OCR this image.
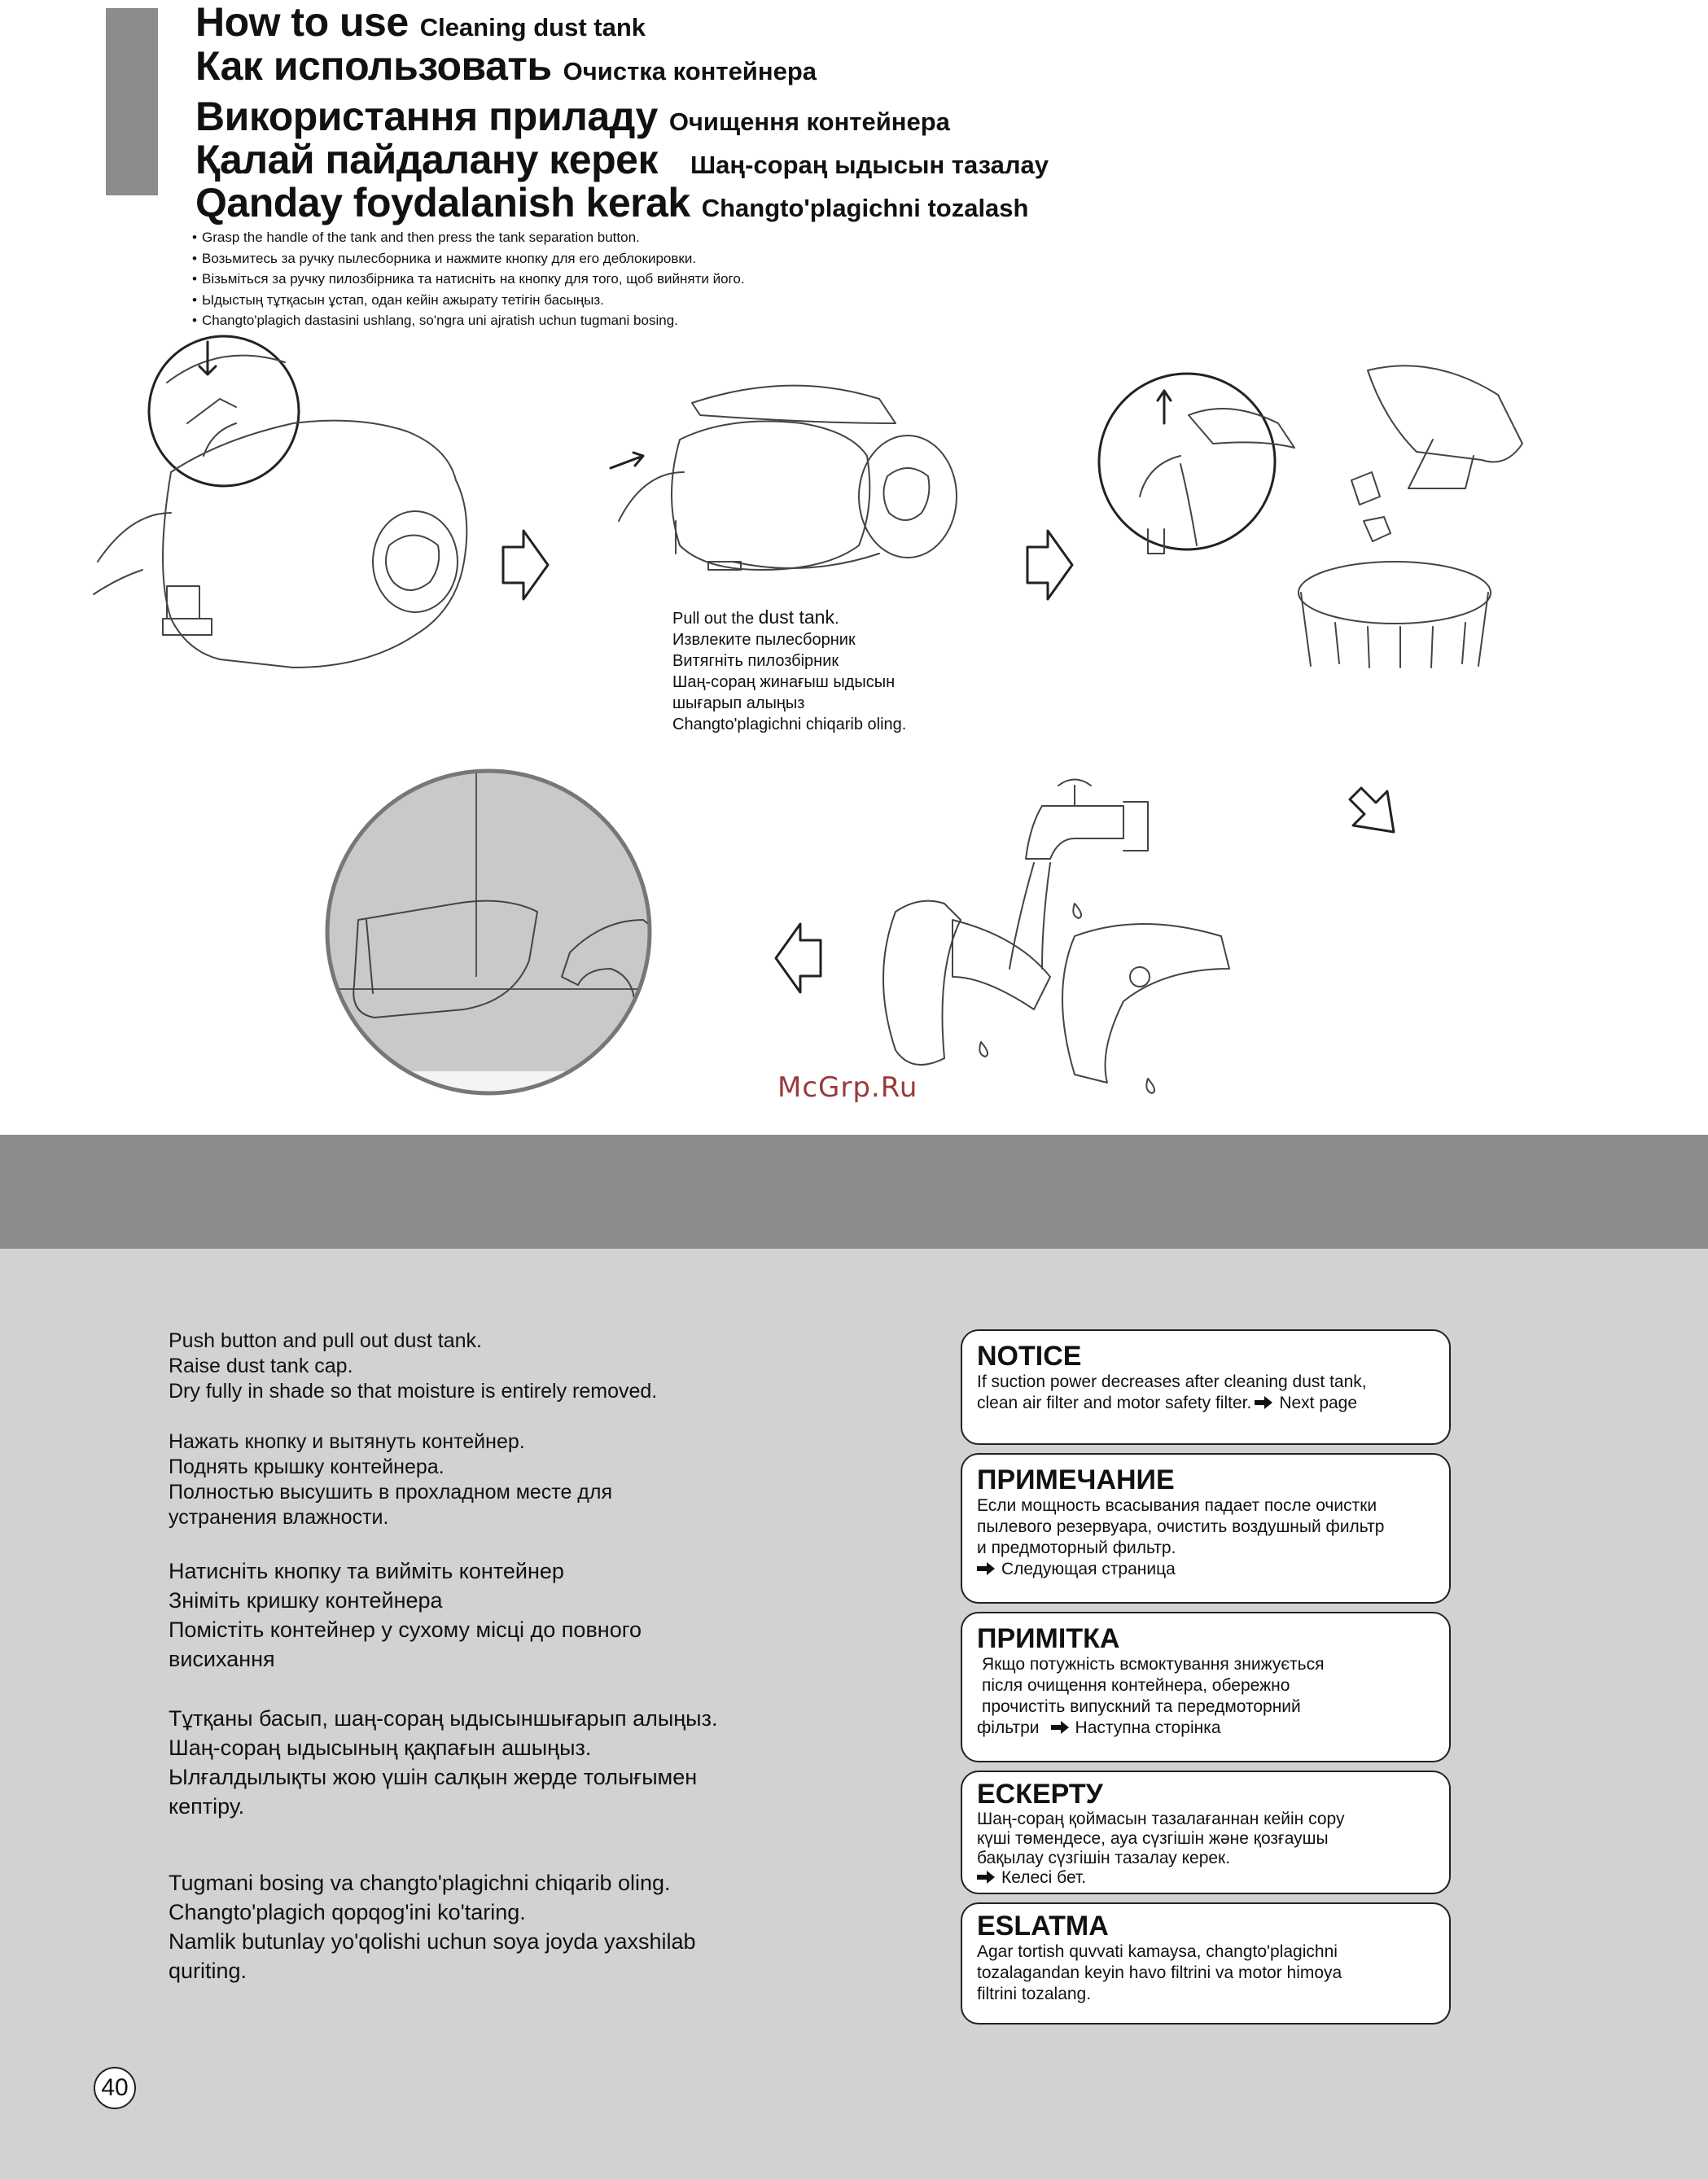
How to use Cleaning dust tank
Как использовать Очистка контейнера
Використання приладу Очищення контейнера
Қалай пайдалану керек Шаң-сораң ыдысын тазалау
Qanday foydalanish kerak Changto'plagichni tozalash
• Grasp the handle of the tank and then press the tank separation button.
• Возьмитесь за ручку пылесборника и нажмите кнопку для его деблокировки.
• Візьміться за ручку пилозбірника та натисніть на кнопку для того, щоб вийняти його.
• Ыдыстың тұтқасын ұстап, одан кейін ажырату тетігін басыңыз.
• Changto'plagich dastasini ushlang, so'ngra uni ajratish uchun tugmani bosing.
Pull out the dust tank.
Извлеките пылесборник
Витягніть пилозбірник
Шаң-сораң жинағыш ыдысын
шығарып алыңыз
Changto'plagichni chiqarib oling.
McGrp.Ru
Push button and pull out dust tank.
Raise dust tank cap.
Dry fully in shade so that moisture is entirely removed.
Нажать кнопку и вытянуть контейнер.
Поднять крышку контейнера.
Полностью высушить в прохладном месте для
устранения влажности.
Натисніть кнопку та вийміть контейнер
Зніміть кришку контейнера
Помістіть контейнер у сухому місці до повного
висихання
Тұтқаны басып, шаң-сораң ыдысыншығарып алыңыз.
Шаң-сораң ыдысының қақпағын ашыңыз.
Ылғалдылықты жою үшін салқын жерде толығымен
кептіру.
Tugmani bosing va changto'plagichni chiqarib oling.
Changto'plagich qopqog'ini ko'taring.
Namlik butunlay yo'qolishi uchun soya joyda yaxshilab
quriting.
NOTICE
If suction power decreases after cleaning dust tank,
clean air filter and motor safety filter. Next page
ПРИМЕЧАНИЕ
Если мощность всасывания падает после очистки
пылевого резервуара, очистить воздушный фильтр
и предмоторный фильтр.
Следующая страница
ПРИМІТКА
Якщо потужність всмоктування знижується
після очищення контейнера, обережно
прочистіть випускний та передмоторний
фільтри Наступна сторінка
ЕСКЕРТУ
Шаң-сораң қоймасын тазалағаннан кейін сору
күші төмендесе, ауа сүзгішін және қозғаушы
бақылау сүзгішін тазалау керек.
Келесі бет.
ESLATMA
Agar tortish quvvati kamaysa, changto'plagichni
tozalagandan keyin havo filtrini va motor himoya
filtrini tozalang.
40
